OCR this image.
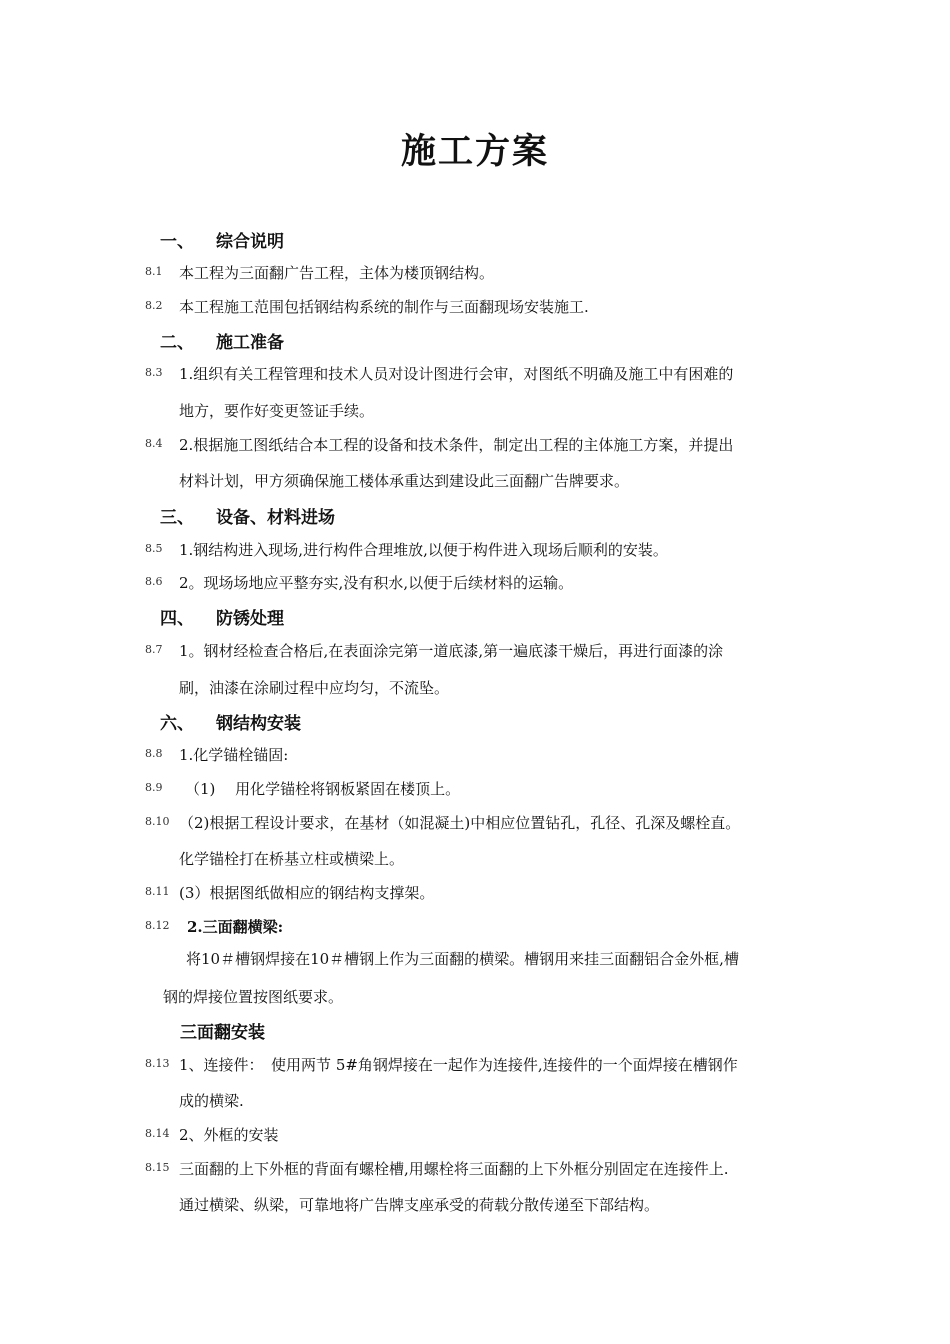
施工方案
一、 综合说明
8.1 本工程为三面翻广告工程，主体为楼顶钢结构。
8.2 本工程施工范围包括钢结构系统的制作与三面翻现场安装施工.
二、 施工准备
8.3 1.组织有关工程管理和技术人员对设计图进行会审，对图纸不明确及施工中有困难的
地方，要作好变更签证手续。
8.4 2.根据施工图纸结合本工程的设备和技术条件，制定出工程的主体施工方案，并提出
材料计划，甲方须确保施工楼体承重达到建设此三面翻广告牌要求。
三、 设备、材料进场
8.5 1.钢结构进入现场,进行构件合理堆放,以便于构件进入现场后顺利的安装。
8.6 2。现场场地应平整夯实,没有积水,以便于后续材料的运输。
四、 防锈处理
8.7 1。钢材经检查合格后,在表面涂完第一道底漆,第一遍底漆干燥后，再进行面漆的涂
刷，油漆在涂刷过程中应均匀，不流坠。
六、 钢结构安装
8.8 1.化学锚栓锚固:
8.9 （1)　 用化学锚栓将钢板紧固在楼顶上。
8.10 （2)根据工程设计要求，在基材（如混凝土)中相应位置钻孔，孔径、孔深及螺栓直。
化学锚栓打在桥基立柱或横梁上。
8.11 (3）根据图纸做相应的钢结构支撑架。
8.12 2.三面翻横梁:
将10＃槽钢焊接在10＃槽钢上作为三面翻的横梁。槽钢用来挂三面翻铝合金外框,槽
钢的焊接位置按图纸要求。
三面翻安装
8.13 1、连接件：　使用两节 5#角钢焊接在一起作为连接件,连接件的一个面焊接在槽钢作
成的横梁.
8.14 2、外框的安装
8.15 三面翻的上下外框的背面有螺栓槽,用螺栓将三面翻的上下外框分别固定在连接件上.
通过横梁、纵梁，可靠地将广告牌支座承受的荷载分散传递至下部结构。
